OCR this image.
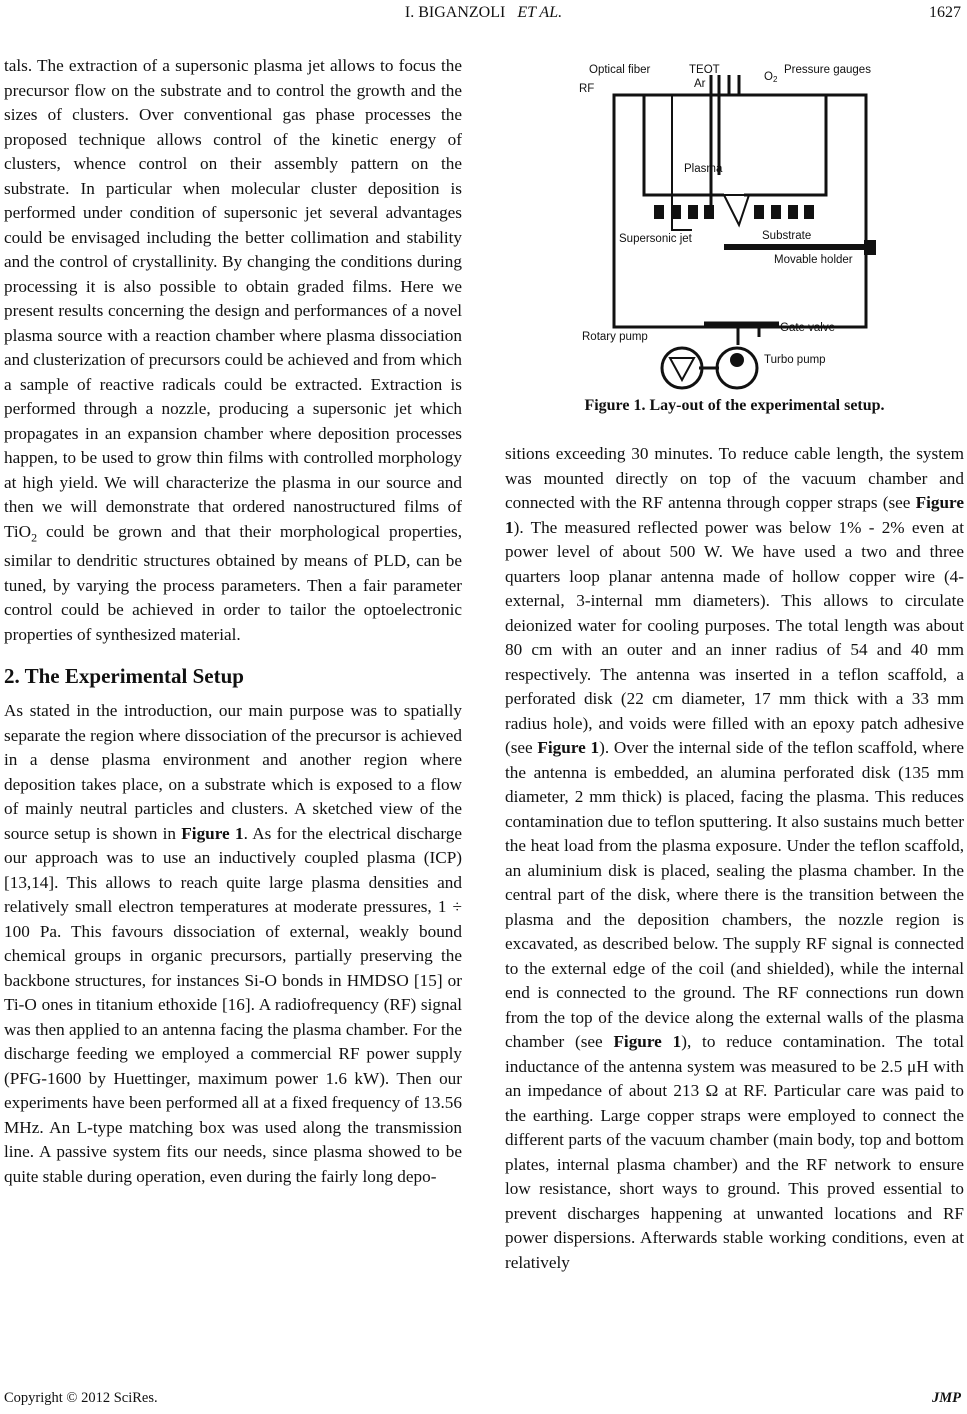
I. BIGANZOLI ET AL.	1627

tals. The extraction of a supersonic plasma jet allows to focus the precursor flow on the substrate and to control the growth and the sizes of clusters. Over conventional gas phase processes the proposed technique allows control of the kinetic energy of clusters, whence control on their assembly pattern on the substrate. In particular when molecular cluster deposition is performed under condition of supersonic jet several advantages could be envisaged including the better collimation and stability and the control of crystallinity. By changing the conditions during processing it is also possible to obtain graded films. Here we present results concerning the design and performances of a novel plasma source with a reaction chamber where plasma dissociation and clusterization of precursors could be achieved and from which a sample of reactive radicals could be extracted. Extraction is performed through a nozzle, producing a supersonic jet which propagates in an expansion chamber where deposition processes happen, to be used to grow thin films with controlled morphology at high yield. We will characterize the plasma in our source and then we will demonstrate that ordered nanostructured films of TiO$_2$ could be grown and that their morphological properties, similar to dendritic structures obtained by means of PLD, can be tuned, by varying the process parameters. Then a fair parameter control could be achieved in order to tailor the optoelectronic properties of synthesized material.

2. The Experimental Setup

As stated in the introduction, our main purpose was to spatially separate the region where dissociation of the precursor is achieved in a dense plasma environment and another region where deposition takes place, on a substrate which is exposed to a flow of mainly neutral particles and clusters. A sketched view of the source setup is shown in Figure 1. As for the electrical discharge our approach was to use an inductively coupled plasma (ICP) [13,14]. This allows to reach quite large plasma densities and relatively small electron temperatures at moderate pressures, 1 ÷ 100 Pa. This favours dissociation of external, weakly bound chemical groups in organic precursors, partially preserving the backbone structures, for instances Si-O bonds in HMDSO [15] or Ti-O ones in titanium ethoxide [16]. A radiofrequency (RF) signal was then applied to an antenna facing the plasma chamber. For the discharge feeding we employed a commercial RF power supply (PFG-1600 by Huettinger, maximum power 1.6 kW). Then our experiments have been performed all at a fixed frequency of 13.56 MHz. An L-type matching box was used along the transmission line. A passive system fits our needs, since plasma showed to be quite stable during operation, even during the fairly long depo-

Optical fiber
RF
TEOT
Ar
O2
Pressure gauges
Plasma
Supersonic jet	Substrate
Movable holder
Gate valve
Rotary pump
Turbo pump
Figure 1. Lay-out of the experimental setup.

sitions exceeding 30 minutes. To reduce cable length, the system was mounted directly on top of the vacuum chamber and connected with the RF antenna through copper straps (see Figure 1). The measured reflected power was below 1% - 2% even at power level of about 500 W. We have used a two and three quarters loop planar antenna made of hollow copper wire (4-external, 3-internal mm diameters). This allows to circulate deionized water for cooling purposes. The total length was about 80 cm with an outer and an inner radius of 54 and 40 mm respectively. The antenna was inserted in a teflon scaffold, a perforated disk (22 cm diameter, 17 mm thick with a 33 mm radius hole), and voids were filled with an epoxy patch adhesive (see Figure 1). Over the internal side of the teflon scaffold, where the antenna is embedded, an alumina perforated disk (135 mm diameter, 2 mm thick) is placed, facing the plasma. This reduces contamination due to teflon sputtering. It also sustains much better the heat load from the plasma exposure. Under the teflon scaffold, an aluminium disk is placed, sealing the plasma chamber. In the central part of the disk, where there is the transition between the plasma and the deposition chambers, the nozzle region is excavated, as described below. The supply RF signal is connected to the external edge of the coil (and shielded), while the internal end is connected to the ground. The RF connections run down from the top of the device along the external walls of the plasma chamber (see Figure 1), to reduce contamination. The total inductance of the antenna system was measured to be 2.5 μH with an impedance of about 213 Ω at RF. Particular care was paid to the earthing. Large copper straps were employed to connect the different parts of the vacuum chamber (main body, top and bottom plates, internal plasma chamber) and the RF network to ensure low resistance, short ways to ground. This proved essential to prevent discharges happening at unwanted locations and RF power dispersions. Afterwards stable working conditions, even at relatively

Copyright © 2012 SciRes.	JMP
